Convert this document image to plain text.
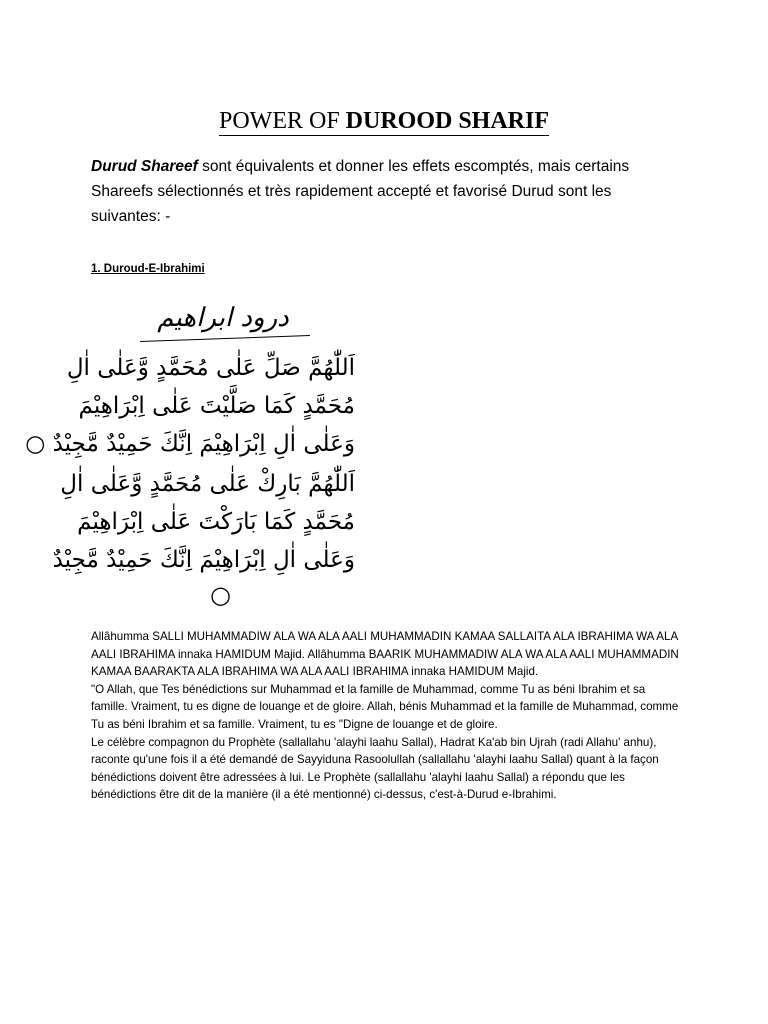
POWER OF DUROOD SHARIF
Durud Shareef sont équivalents et donner les effets escomptés, mais certains Shareefs sélectionnés et très rapidement accepté et favorisé Durud sont les suivantes: -
1. Duroud-E-Ibrahimi
درود ابراهيم
اَللّٰهُمَّ صَلِّ عَلٰى مُحَمَّدٍ وَّعَلٰى اٰلِ
مُحَمَّدٍ كَمَا صَلَّيْتَ عَلٰى اِبْرَاهِيْمَ
وَعَلٰى اٰلِ اِبْرَاهِيْمَ اِنَّكَ حَمِيْدٌ مَّجِيْدٌ ○
اَللّٰهُمَّ بَارِكْ عَلٰى مُحَمَّدٍ وَّعَلٰى اٰلِ
مُحَمَّدٍ كَمَا بَارَكْتَ عَلٰى اِبْرَاهِيْمَ
وَعَلٰى اٰلِ اِبْرَاهِيْمَ اِنَّكَ حَمِيْدٌ مَّجِيْدٌ
○

Allâhumma SALLI MUHAMMADIW ALA WA ALA AALI MUHAMMADIN KAMAA SALLAITA ALA IBRAHIMA WA ALA AALI IBRAHIMA innaka HAMIDUM Majid. Allâhumma BAARIK MUHAMMADIW ALA WA ALA AALI MUHAMMADIN KAMAA BAARAKTA ALA IBRAHIMA WA ALA AALI IBRAHIMA innaka HAMIDUM Majid.

"O Allah, que Tes bénédictions sur Muhammad et la famille de Muhammad, comme Tu as béni Ibrahim et sa famille. Vraiment, tu es digne de louange et de gloire. Allah, bénis Muhammad et la famille de Muhammad, comme Tu as béni Ibrahim et sa famille. Vraiment, tu es "Digne de louange et de gloire.

Le célèbre compagnon du Prophète (sallallahu 'alayhi laahu Sallal), Hadrat Ka'ab bin Ujrah (radi Allahu' anhu), raconte qu'une fois il a été demandé de Sayyiduna Rasoolullah (sallallahu 'alayhi laahu Sallal) quant à la façon bénédictions doivent être adressées à lui. Le Prophète (sallallahu 'alayhi laahu Sallal) a répondu que les bénédictions être dit de la manière (il a été mentionné) ci-dessus, c'est-à-Durud e-Ibrahimi.
